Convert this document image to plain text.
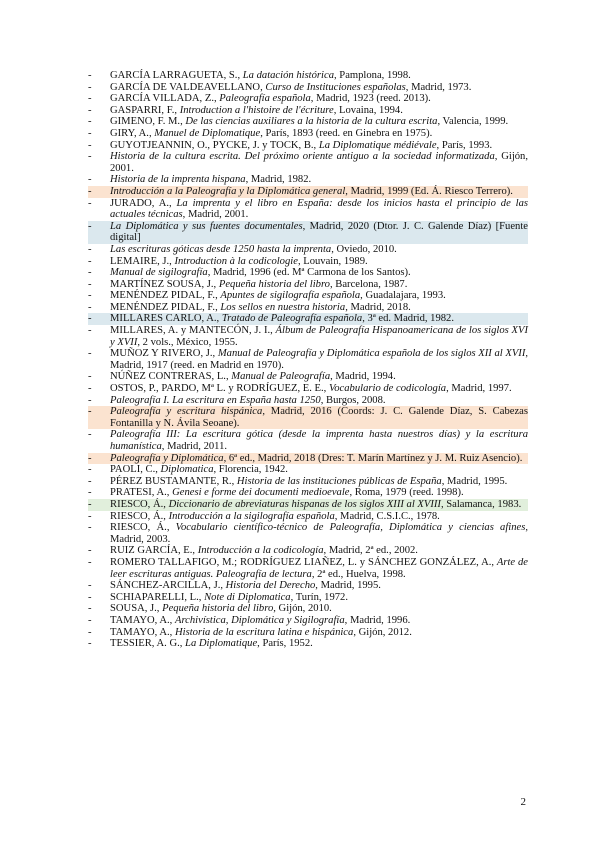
-	GARCÍA LARRAGUETA, S., La datación histórica, Pamplona, 1998.
-	GARCÍA DE VALDEAVELLANO, Curso de Instituciones españolas, Madrid, 1973.
-	GARCÍA VILLADA, Z., Paleografía española, Madrid, 1923 (reed. 2013).
-	GASPARRI, F., Introduction a l'histoire de l'écriture, Lovaina, 1994.
-	GIMENO, F. M., De las ciencias auxiliares a la historia de la cultura escrita, Valencia, 1999.
-	GIRY, A., Manuel de Diplomatique, París, 1893 (reed. en Ginebra en 1975).
-	GUYOTJEANNIN, O., PYCKE, J. y TOCK, B., La Diplomatique médiévale, París, 1993.
-	Historia de la cultura escrita. Del próximo oriente antiguo a la sociedad informatizada, Gijón, 2001.
-	Historia de la imprenta hispana, Madrid, 1982.
-	Introducción a la Paleografía y la Diplomática general, Madrid, 1999 (Ed. Á. Riesco Terrero).
-	JURADO, A., La imprenta y el libro en España: desde los inicios hasta el principio de las actuales técnicas, Madrid, 2001.
-	La Diplomática y sus fuentes documentales, Madrid, 2020 (Dtor. J. C. Galende Díaz) [Fuente digital]
-	Las escrituras góticas desde 1250 hasta la imprenta, Oviedo, 2010.
-	LEMAIRE, J., Introduction à la codicologie, Louvain, 1989.
-	Manual de sigilografía, Madrid, 1996 (ed. Mª Carmona de los Santos).
-	MARTÍNEZ SOUSA, J., Pequeña historia del libro, Barcelona, 1987.
-	MENÉNDEZ PIDAL, F., Apuntes de sigilografía española, Guadalajara, 1993.
-	MENÉNDEZ PIDAL, F., Los sellos en nuestra historia, Madrid, 2018.
-	MILLARES CARLO, A., Tratado de Paleografía española, 3ª ed. Madrid, 1982.
-	MILLARES, A. y MANTECÓN, J. I., Álbum de Paleografía Hispanoamericana de los siglos XVI y XVII, 2 vols., México, 1955.
-	MUÑOZ Y RIVERO, J., Manual de Paleografía y Diplomática española de los siglos XII al XVII, Madrid, 1917 (reed. en Madrid en 1970).
-	NÚÑEZ CONTRERAS, L., Manual de Paleografía, Madrid, 1994.
-	OSTOS, P., PARDO, Mª L. y RODRÍGUEZ, E. E., Vocabulario de codicología, Madrid, 1997.
-	Paleografía I. La escritura en España hasta 1250, Burgos, 2008.
-	Paleografía y escritura hispánica, Madrid, 2016 (Coords: J. C. Galende Díaz, S. Cabezas Fontanilla y N. Ávila Seoane).
-	Paleografía III: La escritura gótica (desde la imprenta hasta nuestros días) y la escritura humanística, Madrid, 2011.
-	Paleografía y Diplomática, 6ª ed., Madrid, 2018 (Dres: T. Marín Martínez y J. M. Ruiz Asencio).
-	PAOLI, C., Diplomatica, Florencia, 1942.
-	PÉREZ BUSTAMANTE, R., Historia de las instituciones públicas de España, Madrid, 1995.
-	PRATESI, A., Genesi e forme dei documenti medioevale, Roma, 1979 (reed. 1998).
-	RIESCO, Á., Diccionario de abreviaturas hispanas de los siglos XIII al XVIII, Salamanca, 1983.
-	RIESCO, Á., Introducción a la sigilografía española, Madrid, C.S.I.C., 1978.
-	RIESCO, Á., Vocabulario científico-técnico de Paleografía, Diplomática y ciencias afines, Madrid, 2003.
-	RUIZ GARCÍA, E., Introducción a la codicología, Madrid, 2ª ed., 2002.
-	ROMERO TALLAFIGO, M.; RODRÍGUEZ LIAÑEZ, L. y SÁNCHEZ GONZÁLEZ, A., Arte de leer escrituras antiguas. Paleografía de lectura, 2ª ed., Huelva, 1998.
-	SÁNCHEZ-ARCILLA, J., Historia del Derecho, Madrid, 1995.
-	SCHIAPARELLI, L., Note di Diplomatica, Turín, 1972.
-	SOUSA, J., Pequeña historia del libro, Gijón, 2010.
-	TAMAYO, A., Archivística, Diplomática y Sigilografía, Madrid, 1996.
-	TAMAYO, A., Historia de la escritura latina e hispánica, Gijón, 2012.
-	TESSIER, A. G., La Diplomatique, París, 1952.
2
